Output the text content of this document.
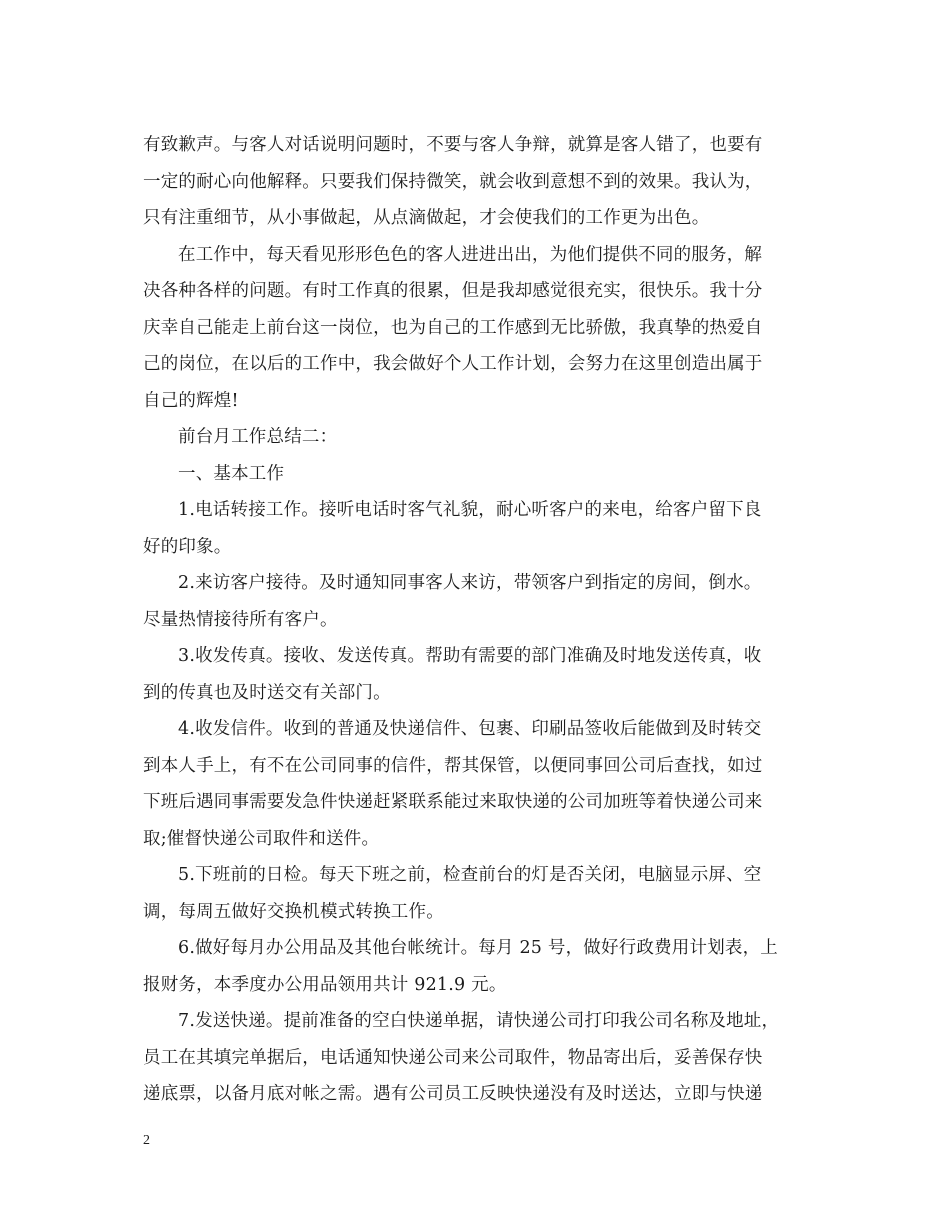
有致歉声。与客人对话说明问题时，不要与客人争辩，就算是客人错了，也要有
一定的耐心向他解释。只要我们保持微笑，就会收到意想不到的效果。我认为，
只有注重细节，从小事做起，从点滴做起，才会使我们的工作更为出色。
在工作中，每天看见形形色色的客人进进出出，为他们提供不同的服务，解
决各种各样的问题。有时工作真的很累，但是我却感觉很充实，很快乐。我十分
庆幸自己能走上前台这一岗位，也为自己的工作感到无比骄傲，我真挚的热爱自
己的岗位，在以后的工作中，我会做好个人工作计划，会努力在这里创造出属于
自己的辉煌!
前台月工作总结二：
一、基本工作
1.电话转接工作。接听电话时客气礼貌，耐心听客户的来电，给客户留下良
好的印象。
2.来访客户接待。及时通知同事客人来访，带领客户到指定的房间，倒水。
尽量热情接待所有客户。
3.收发传真。接收、发送传真。帮助有需要的部门准确及时地发送传真，收
到的传真也及时送交有关部门。
4.收发信件。收到的普通及快递信件、包裹、印刷品签收后能做到及时转交
到本人手上，有不在公司同事的信件，帮其保管，以便同事回公司后查找，如过
下班后遇同事需要发急件快递赶紧联系能过来取快递的公司加班等着快递公司来
取;催督快递公司取件和送件。
5.下班前的日检。每天下班之前，检查前台的灯是否关闭，电脑显示屏、空
调，每周五做好交换机模式转换工作。
6.做好每月办公用品及其他台帐统计。每月 25 号，做好行政费用计划表，上
报财务，本季度办公用品领用共计 921.9 元。
7.发送快递。提前准备的空白快递单据，请快递公司打印我公司名称及地址，
员工在其填完单据后，电话通知快递公司来公司取件，物品寄出后，妥善保存快
递底票，以备月底对帐之需。遇有公司员工反映快递没有及时送达，立即与快递
2
